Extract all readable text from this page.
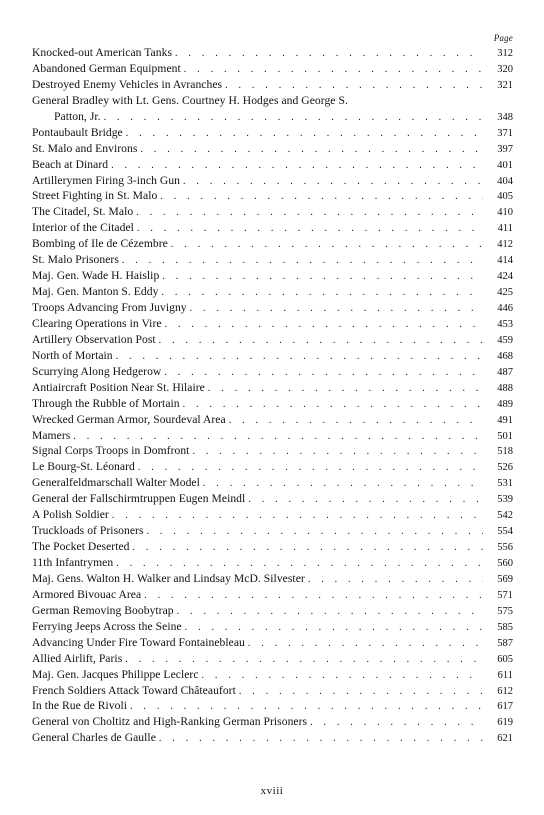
Page
Knocked-out American Tanks . . .	312
Abandoned German Equipment . . .	320
Destroyed Enemy Vehicles in Avranches . . .	321
General Bradley with Lt. Gens. Courtney H. Hodges and George S.
Patton, Jr. . . .	348
Pontaubault Bridge . . .	371
St. Malo and Environs . . .	397
Beach at Dinard . . .	401
Artillerymen Firing 3-inch Gun . . .	404
Street Fighting in St. Malo . . .	405
The Citadel, St. Malo . . .	410
Interior of the Citadel . . .	411
Bombing of Ile de Cézembre . . .	412
St. Malo Prisoners . . .	414
Maj. Gen. Wade H. Haislip . . .	424
Maj. Gen. Manton S. Eddy . . .	425
Troops Advancing From Juvigny . . .	446
Clearing Operations in Vire . . .	453
Artillery Observation Post . . .	459
North of Mortain . . .	468
Scurrying Along Hedgerow . . .	487
Antiaircraft Position Near St. Hilaire . . .	488
Through the Rubble of Mortain . . .	489
Wrecked German Armor, Sourdeval Area . . .	491
Mamers . . .	501
Signal Corps Troops in Domfront . . .	518
Le Bourg-St. Léonard . . .	526
Generalfeldmarschall Walter Model . . .	531
General der Fallschirmtruppen Eugen Meindl . . .	539
A Polish Soldier . . .	542
Truckloads of Prisoners . . .	554
The Pocket Deserted . . .	556
11th Infantrymen . . .	560
Maj. Gens. Walton H. Walker and Lindsay McD. Silvester . . .	569
Armored Bivouac Area . . .	571
German Removing Boobytrap . . .	575
Ferrying Jeeps Across the Seine . . .	585
Advancing Under Fire Toward Fontainebleau . . .	587
Allied Airlift, Paris . . .	605
Maj. Gen. Jacques Philippe Leclerc . . .	611
French Soldiers Attack Toward Châteaufort . . .	612
In the Rue de Rivoli . . .	617
General von Choltitz and High-Ranking German Prisoners . . .	619
General Charles de Gaulle . . .	621
xviii
